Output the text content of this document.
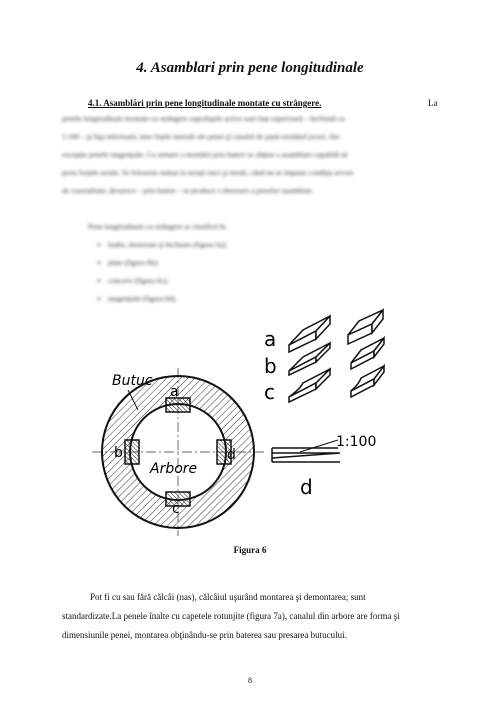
4. Asamblari prin pene longitudinale
4.1. Asamblări prin pene longitudinale montate cu strângere.	La
penele longitudinale montate cu strângere suprafaţele active sunt feţe superioară – înclinată cu
1:100 – şi faţa inferioară, iater feţele laterale ale penei şi canalul de pană existând jocuri, fiei
excepţie penele tangenţiale. Cu urmare a montării prin batere se obţine o asamblare capabilă să
preia forţele axiale. Se foloseste numai la turaţii mici şi medii, când nu se impune condiţia arvore
de coaxialitate, deoarece – prin batere – se produce o desenare a pieselor asamblate.
Pene longitudinale cu strângere se clasifică în:
➢ înalte, drenorate şi înclinate (figura 6a);
➢ plate (figura 6b);
➢ concave (figura 6c);
➢ tangenţiale (figura 6d).
Butuc
Arbore
a
b	d
c
a
b
c
1:100
d
Figura 6
Pot fi cu sau fără călcâi (nas), călcâiul uşurând montarea şi demontarea; sunt
standardizate.La penele înalte cu capetele rotunjite (figura 7a), canalul din arbore are forma şi
dimensiunile penei, montarea obţinându-se prin baterea sau presarea butucului.
8
